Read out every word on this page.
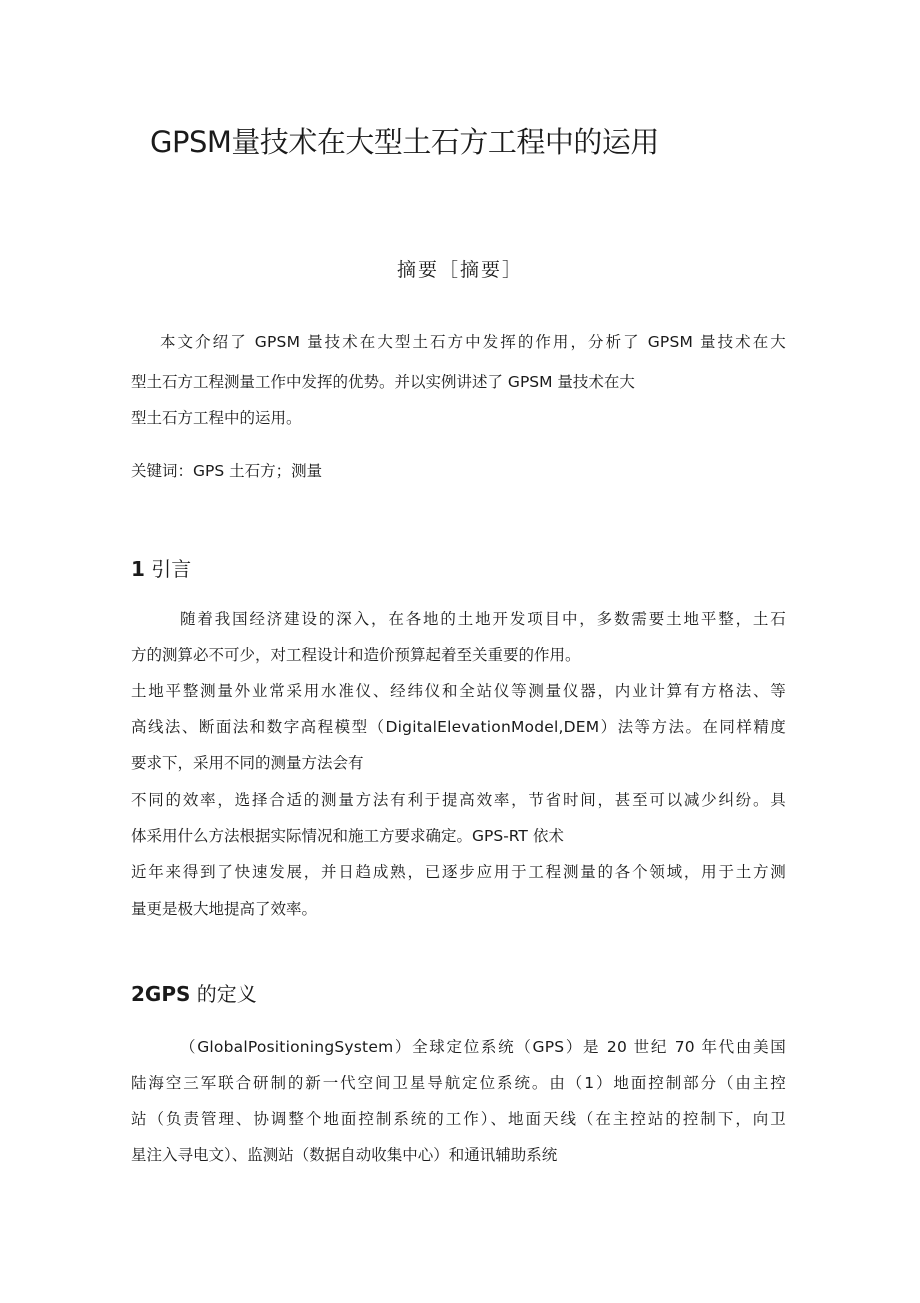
GPSM量技术在大型土石方工程中的运用
摘要［摘要］
本文介绍了 GPSM 量技术在大型土石方中发挥的作用，分析了 GPSM 量技术在大
型土石方工程测量工作中发挥的优势。并以实例讲述了 GPSM 量技术在大
型土石方工程中的运用。
关键词：GPS 土石方；测量
1 引言
随着我国经济建设的深入，在各地的土地开发项目中，多数需要土地平整，土石
方的测算必不可少，对工程设计和造价预算起着至关重要的作用。
土地平整测量外业常采用水准仪、经纬仪和全站仪等测量仪器，内业计算有方格法、等
高线法、断面法和数字高程模型（DigitalElevationModel,DEM）法等方法。在同样精度
要求下，采用不同的测量方法会有
不同的效率，选择合适的测量方法有利于提高效率，节省时间，甚至可以减少纠纷。具
体采用什么方法根据实际情况和施工方要求确定。GPS-RT 依术
近年来得到了快速发展，并日趋成熟，已逐步应用于工程测量的各个领域，用于土方测
量更是极大地提高了效率。
2GPS 的定义
（GlobalPositioningSystem）全球定位系统（GPS）是 20 世纪 70 年代由美国
陆海空三军联合研制的新一代空间卫星导航定位系统。由（1）地面控制部分（由主控
站（负责管理、协调整个地面控制系统的工作）、地面天线（在主控站的控制下，向卫
星注入寻电文）、监测站（数据自动收集中心）和通讯辅助系统
